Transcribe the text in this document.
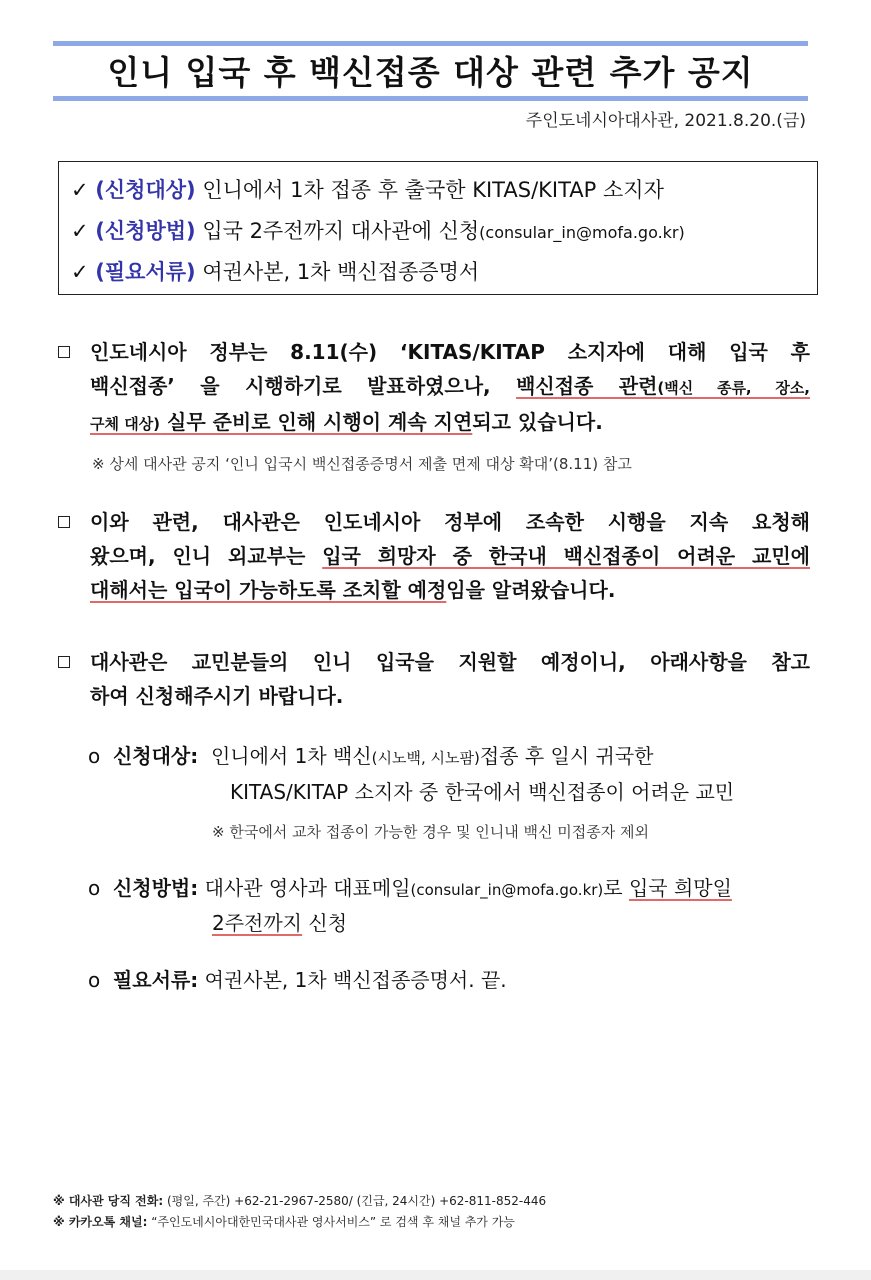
인니 입국 후 백신접종 대상 관련 추가 공지
주인도네시아대사관, 2021.8.20.(금)
✓ (신청대상) 인니에서 1차 접종 후 출국한 KITAS/KITAP 소지자
✓ (신청방법) 입국 2주전까지 대사관에 신청(consular_in@mofa.go.kr)
✓ (필요서류) 여권사본, 1차 백신접종증명서
인도네시아 정부는 8.11(수) ‘KITAS/KITAP 소지자에 대해 입국 후
백신접종’ 을 시행하기로 발표하였으나, 백신접종 관련(백신 종류, 장소,
구체 대상) 실무 준비로 인해 시행이 계속 지연되고 있습니다.
※ 상세 대사관 공지 ‘인니 입국시 백신접종증명서 제출 면제 대상 확대’(8.11) 참고
이와 관련, 대사관은 인도네시아 정부에 조속한 시행을 지속 요청해
왔으며, 인니 외교부는 입국 희망자 중 한국내 백신접종이 어려운 교민에
대해서는 입국이 가능하도록 조치할 예정임을 알려왔습니다.
대사관은 교민분들의 인니 입국을 지원할 예정이니, 아래사항을 참고
하여 신청해주시기 바랍니다.
o 신청대상: 인니에서 1차 백신(시노백, 시노팜)접종 후 일시 귀국한
KITAS/KITAP 소지자 중 한국에서 백신접종이 어려운 교민
※ 한국에서 교차 접종이 가능한 경우 및 인니내 백신 미접종자 제외
o 신청방법: 대사관 영사과 대표메일(consular_in@mofa.go.kr)로 입국 희망일
2주전까지 신청
o 필요서류: 여권사본, 1차 백신접종증명서. 끝.
※ 대사관 당직 전화: (평일, 주간) +62-21-2967-2580/ (긴급, 24시간) +62-811-852-446
※ 카카오톡 채널: “주인도네시아대한민국대사관 영사서비스” 로 검색 후 채널 추가 가능
